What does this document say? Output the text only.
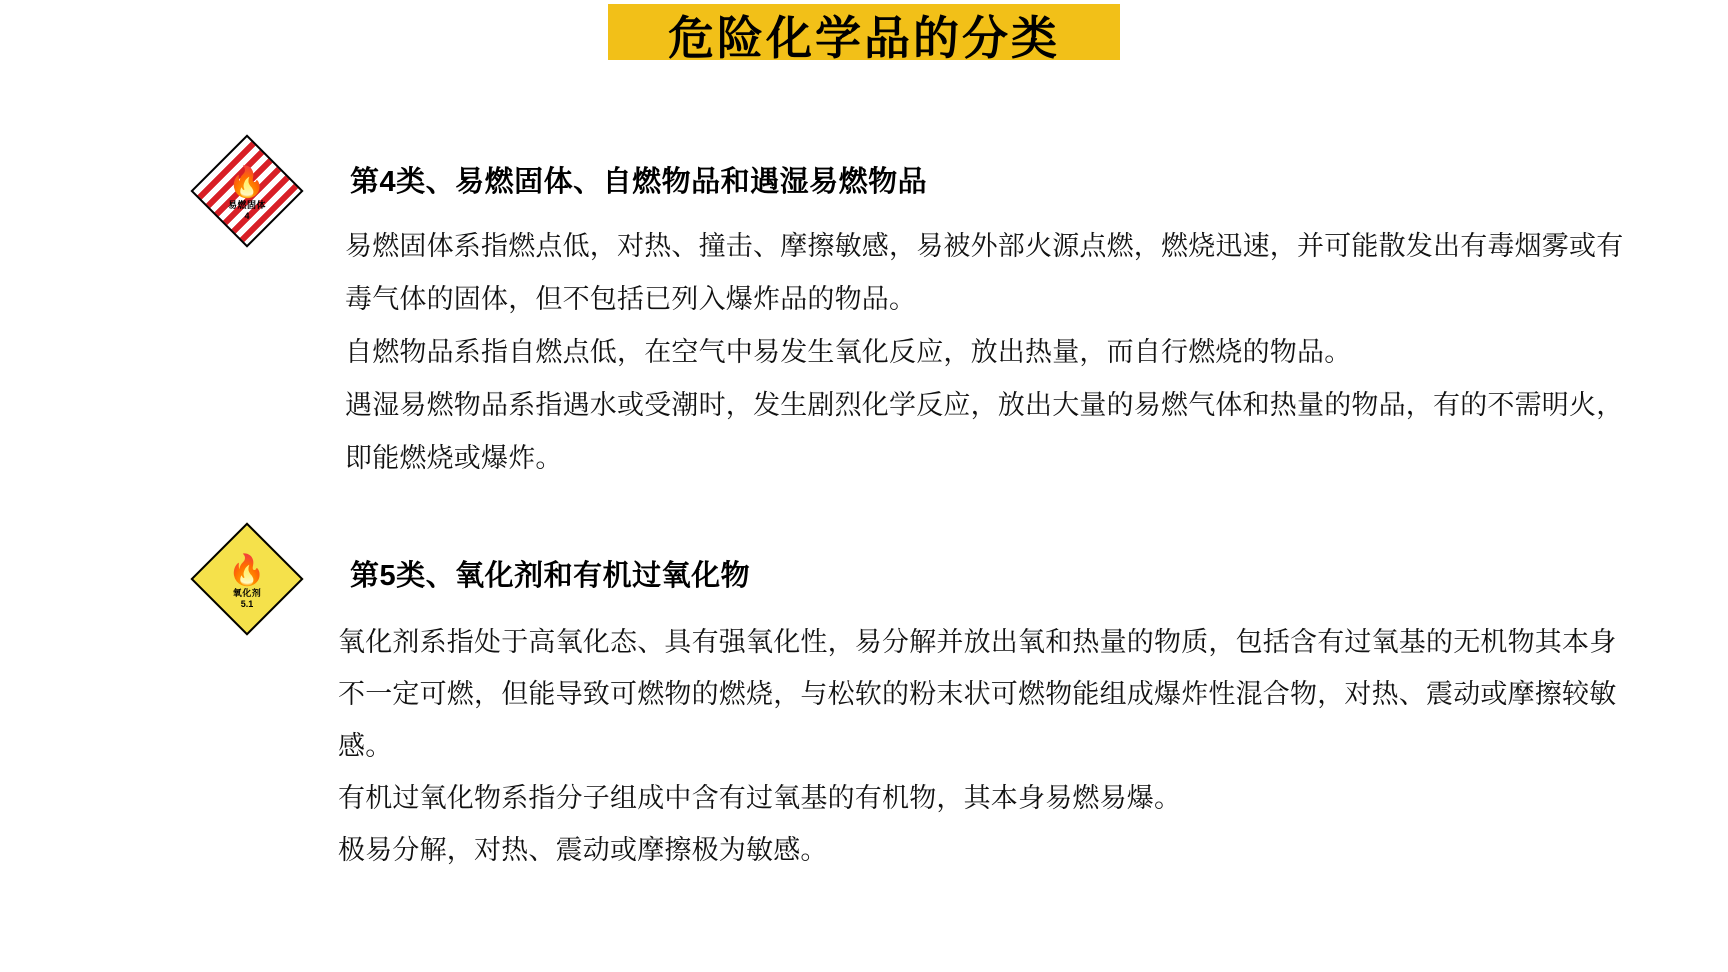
危险化学品的分类
🔥
易燃固体
4
第4类、易燃固体、自燃物品和遇湿易燃物品

易燃固体系指燃点低，对热、撞击、摩擦敏感，易被外部火源点燃，燃烧迅速，并可能散发出有毒烟雾或有毒气体的固体，但不包括已列入爆炸品的物品。

自燃物品系指自燃点低，在空气中易发生氧化反应，放出热量，而自行燃烧的物品。

遇湿易燃物品系指遇水或受潮时，发生剧烈化学反应，放出大量的易燃气体和热量的物品，有的不需明火，即能燃烧或爆炸。

🔥
氧化剂
5.1
第5类、氧化剂和有机过氧化物

氧化剂系指处于高氧化态、具有强氧化性，易分解并放出氧和热量的物质，包括含有过氧基的无机物其本身不一定可燃，但能导致可燃物的燃烧，与松软的粉末状可燃物能组成爆炸性混合物，对热、震动或摩擦较敏感。

有机过氧化物系指分子组成中含有过氧基的有机物，其本身易燃易爆。

极易分解，对热、震动或摩擦极为敏感。
